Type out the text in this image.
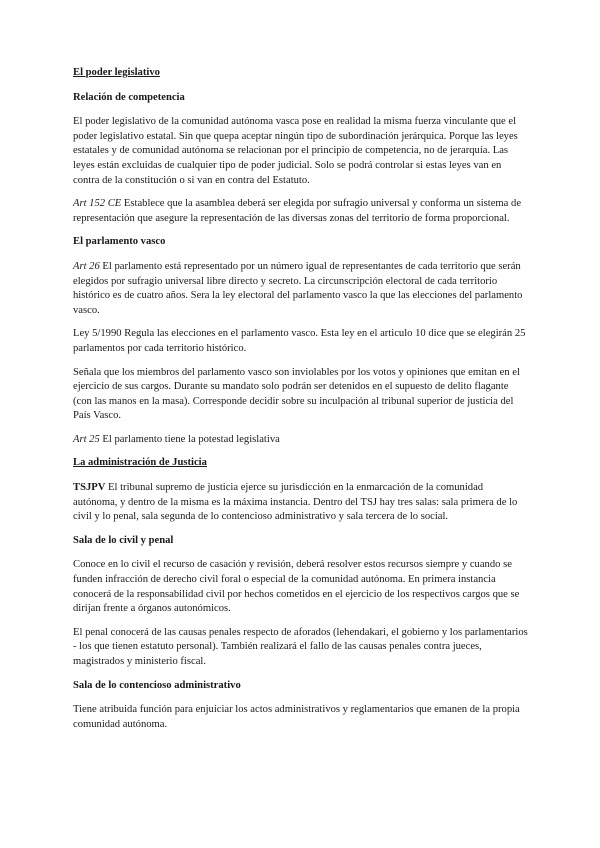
El poder legislativo

Relación de competencia

El poder legislativo de la comunidad autónoma vasca pose en realidad la misma fuerza vinculante que el poder legislativo estatal. Sin que quepa aceptar ningún tipo de subordinación jerárquica. Porque las leyes estatales y de comunidad autónoma se relacionan por el principio de competencia, no de jerarquía. Las leyes están excluidas de cualquier tipo de poder judicial. Solo se podrá controlar si estas leyes van en contra de la constitución o si van en contra del Estatuto.

Art 152 CE Establece que la asamblea deberá ser elegida por sufragio universal y conforma un sistema de representación que asegure la representación de las diversas zonas del territorio de forma proporcional.

El parlamento vasco

Art 26 El parlamento está representado por un número igual de representantes de cada territorio que serán elegidos por sufragio universal libre directo y secreto. La circunscripción electoral de cada territorio histórico es de cuatro años. Sera la ley electoral del parlamento vasco la que las elecciones del parlamento vasco.

Ley 5/1990 Regula las elecciones en el parlamento vasco. Esta ley en el articulo 10 dice que se elegirán 25 parlamentos por cada territorio histórico.

Señala que los miembros del parlamento vasco son inviolables por los votos y opiniones que emitan en el ejercicio de sus cargos. Durante su mandato solo podrán ser detenidos en el supuesto de delito flagante (con las manos en la masa). Corresponde decidir sobre su inculpación al tribunal superior de justicia del País Vasco.

Art 25 El parlamento tiene la potestad legislativa

La administración de Justicia

TSJPV El tribunal supremo de justicia ejerce su jurisdicción en la enmarcación de la comunidad autónoma, y dentro de la misma es la máxima instancia. Dentro del TSJ hay tres salas: sala primera de lo civil y lo penal, sala segunda de lo contencioso administrativo y sala tercera de lo social.

Sala de lo civil y penal

Conoce en lo civil el recurso de casación y revisión, deberá resolver estos recursos siempre y cuando se funden infracción de derecho civil foral o especial de la comunidad autónoma. En primera instancia conocerá de la responsabilidad civil por hechos cometidos en el ejercicio de los respectivos cargos que se dirijan frente a órganos autonómicos.

El penal conocerá de las causas penales respecto de aforados (lehendakari, el gobierno y los parlamentarios - los que tienen estatuto personal). También realizará el fallo de las causas penales contra jueces, magistrados y ministerio fiscal.

Sala de lo contencioso administrativo

Tiene atribuida función para enjuiciar los actos administrativos y reglamentarios que emanen de la propia comunidad autónoma.
